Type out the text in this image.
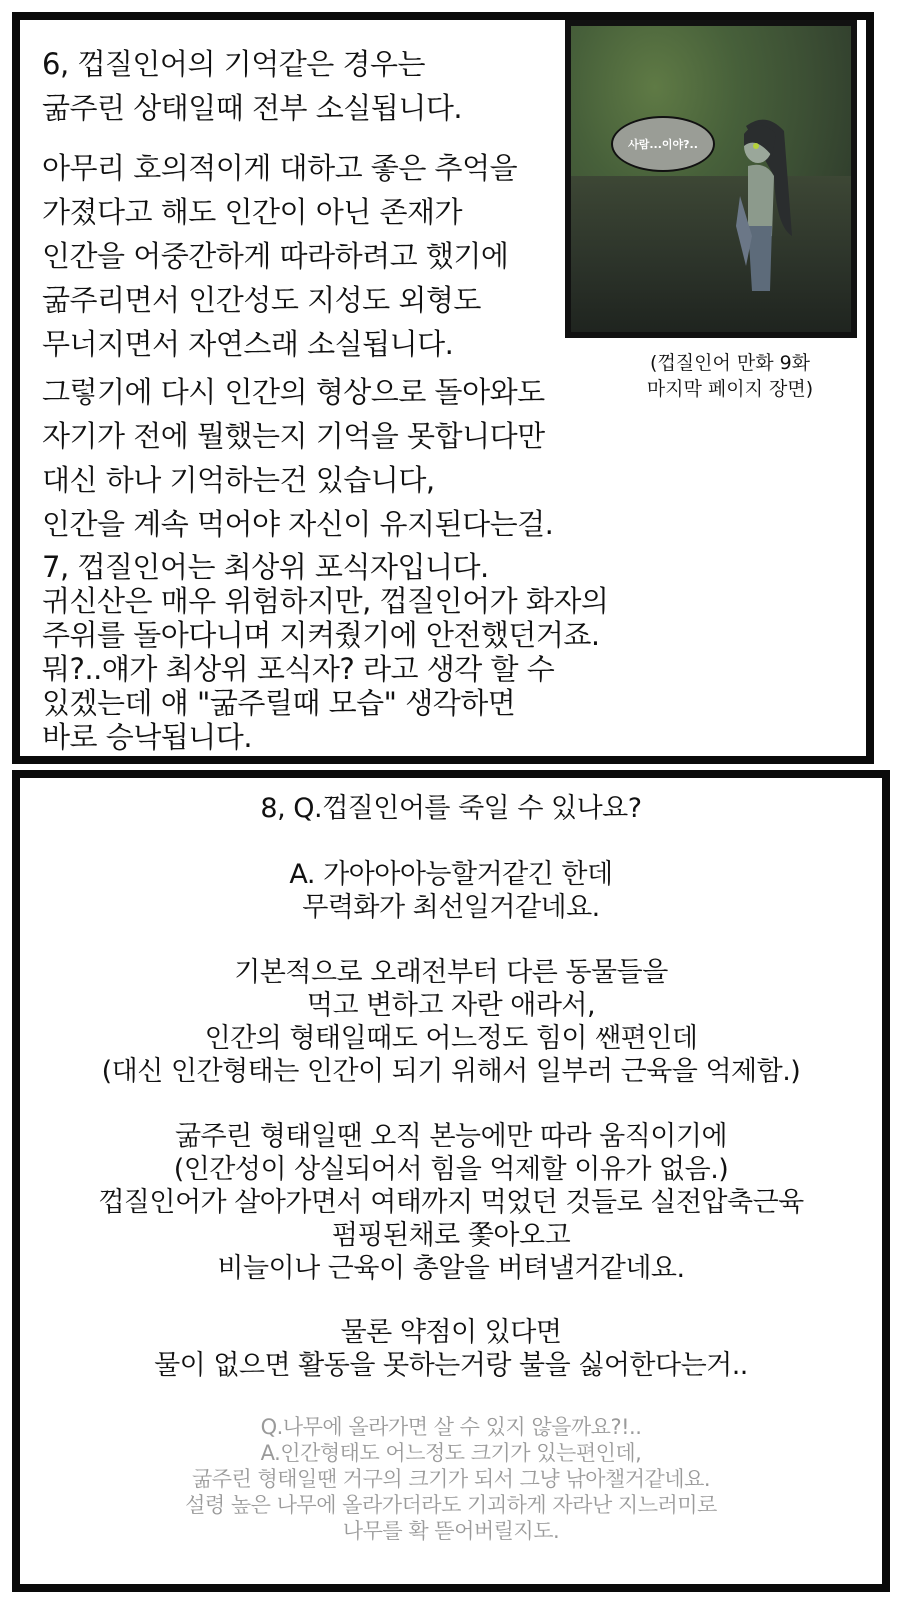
6, 껍질인어의 기억같은 경우는
굶주린 상태일때 전부 소실됩니다.
아무리 호의적이게 대하고 좋은 추억을
가졌다고 해도 인간이 아닌 존재가
인간을 어중간하게 따라하려고 했기에
굶주리면서 인간성도 지성도 외형도
무너지면서 자연스래 소실됩니다.
그렇기에 다시 인간의 형상으로 돌아와도
자기가 전에 뭘했는지 기억을 못합니다만
대신 하나 기억하는건 있습니다,
인간을 계속 먹어야 자신이 유지된다는걸.
7, 껍질인어는 최상위 포식자입니다.
귀신산은 매우 위험하지만, 껍질인어가 화자의
주위를 돌아다니며 지켜줬기에 안전했던거죠.
뭐?..얘가 최상위 포식자? 라고 생각 할 수
있겠는데 얘 "굶주릴때 모습" 생각하면
바로 승낙됩니다.
사람...이야?..
(껍질인어 만화 9화
마지막 페이지 장면)
8, Q.껍질인어를 죽일 수 있나요?
A. 가아아아능할거같긴 한데
무력화가 최선일거같네요.
기본적으로 오래전부터 다른 동물들을
먹고 변하고 자란 애라서,
인간의 형태일때도 어느정도 힘이 쌘편인데
(대신 인간형태는 인간이 되기 위해서 일부러 근육을 억제함.)
굶주린 형태일땐 오직 본능에만 따라 움직이기에
(인간성이 상실되어서 힘을 억제할 이유가 없음.)
껍질인어가 살아가면서 여태까지 먹었던 것들로 실전압축근육
펌핑된채로 쫓아오고
비늘이나 근육이 총알을 버텨낼거같네요.
물론 약점이 있다면
물이 없으면 활동을 못하는거랑 불을 싫어한다는거..
Q.나무에 올라가면 살 수 있지 않을까요?!..
A.인간형태도 어느정도 크기가 있는편인데,
굶주린 형태일땐 거구의 크기가 되서 그냥 낚아챌거같네요.
설령 높은 나무에 올라가더라도 기괴하게 자라난 지느러미로
나무를 확 뜯어버릴지도.
